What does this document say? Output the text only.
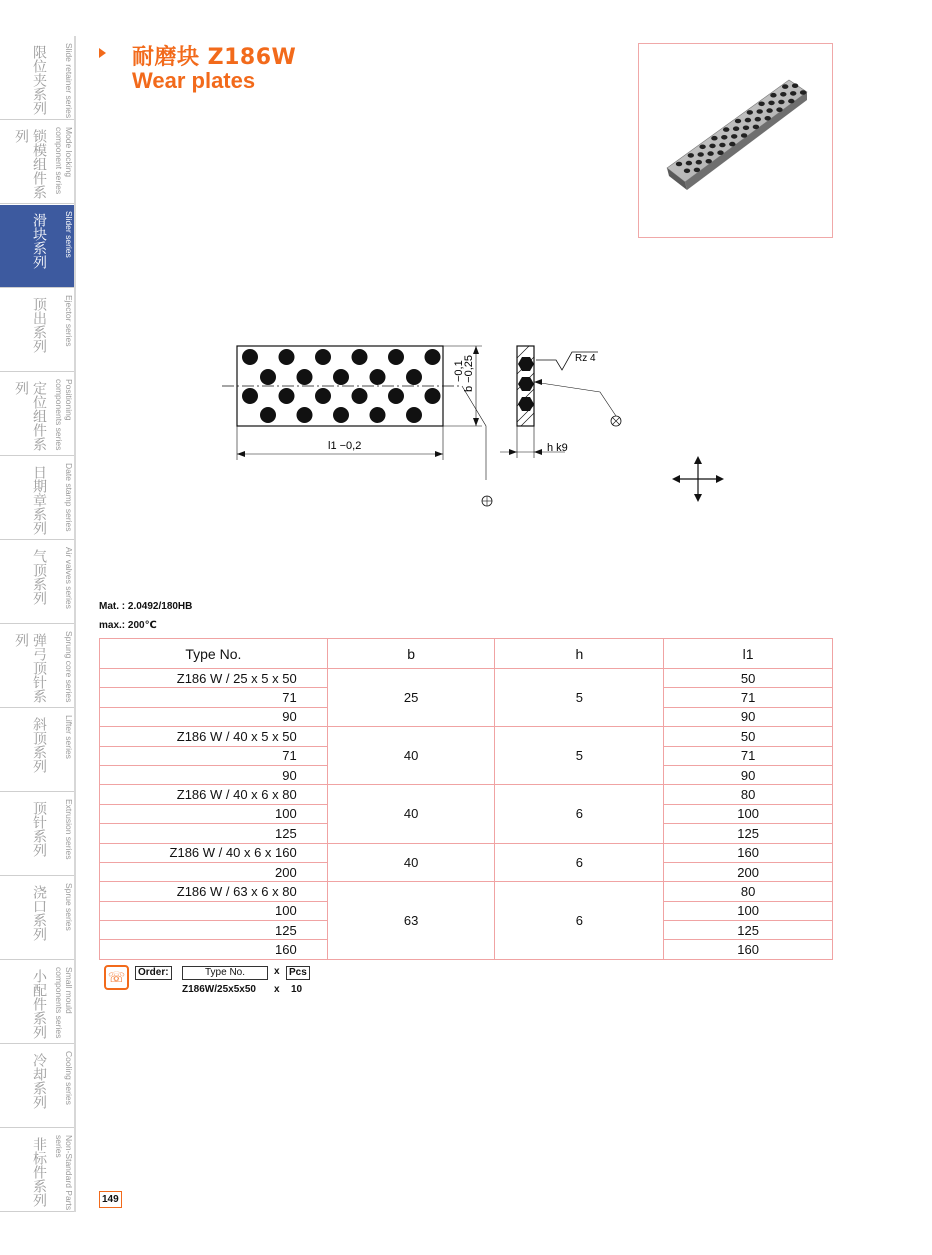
限位夹系列	Slide retainer series
锁模组件系列	Mode locking component series
滑块系列	Slider series
顶出系列	Ejector series
定位组件系列	Positioning components series
日期章系列	Date stamp series
气顶系列	Air valves series
弹弓顶针系列	Sprung core series
斜顶系列	Lifter series
顶针系列	Extrusion series
浇口系列	Sprue series
小配件系列	Small mould components series
冷却系列	Cooling series
非标件系列	Non-Standard Parts series
耐磨块 Z186W
Wear plates
−0,1
b −0,25
l1 −0,2	h k9
Rz 4
Mat. : 2.0492/180HB
max.: 200℃
Type No.	b	h	l1
Z186 W / 25 x 5 x 50	25	5	50
71			71
90			90
Z186 W / 40 x 5 x 50	40	5	50
71			71
90			90
Z186 W / 40 x 6 x 80	40	6	80
100			100
125			125
Z186 W / 40 x 6 x 160	40	6	160
200			200
Z186 W / 63 x 6 x 80	63	6	80
100			100
125			125
160			160
☏	Order:	Type No.	x Pcs
Z186W/25x5x50 x 10
149
